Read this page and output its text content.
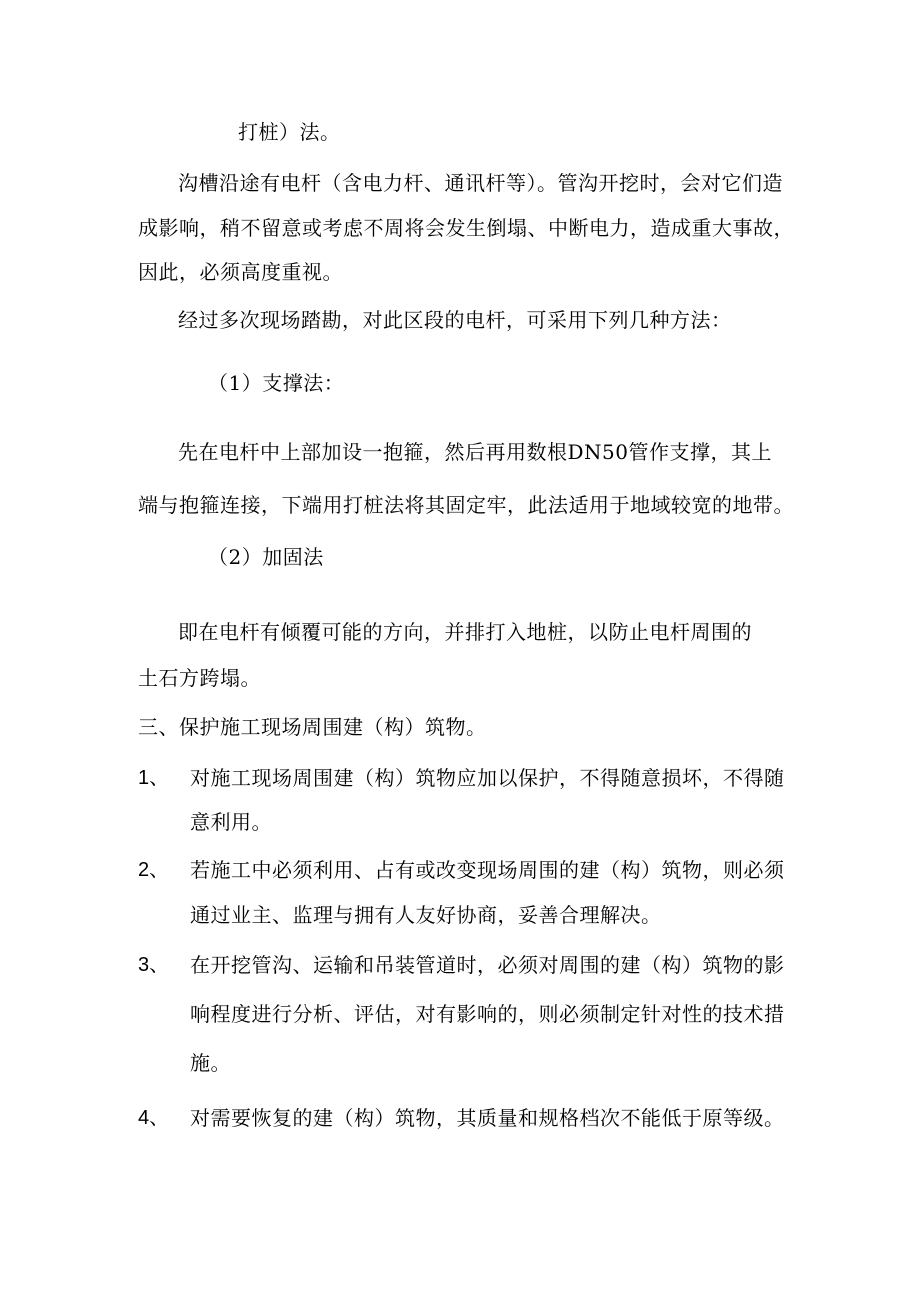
打桩）法。
沟槽沿途有电杆（含电力杆、通讯杆等）。管沟开挖时，会对它们造
成影响，稍不留意或考虑不周将会发生倒塌、中断电力，造成重大事故，
因此，必须高度重视。
经过多次现场踏勘，对此区段的电杆，可采用下列几种方法：
（1）支撑法：
先在电杆中上部加设一抱箍，然后再用数根DN50管作支撑，其上
端与抱箍连接，下端用打桩法将其固定牢，此法适用于地域较宽的地带。
（2）加固法
即在电杆有倾覆可能的方向，并排打入地桩，以防止电杆周围的
土石方跨塌。
三、保护施工现场周围建（构）筑物。
1、 对施工现场周围建（构）筑物应加以保护，不得随意损坏，不得随
意利用。
2、 若施工中必须利用、占有或改变现场周围的建（构）筑物，则必须
通过业主、监理与拥有人友好协商，妥善合理解决。
3、 在开挖管沟、运输和吊装管道时，必须对周围的建（构）筑物的影
响程度进行分析、评估，对有影响的，则必须制定针对性的技术措
施。
4、 对需要恢复的建（构）筑物，其质量和规格档次不能低于原等级。
